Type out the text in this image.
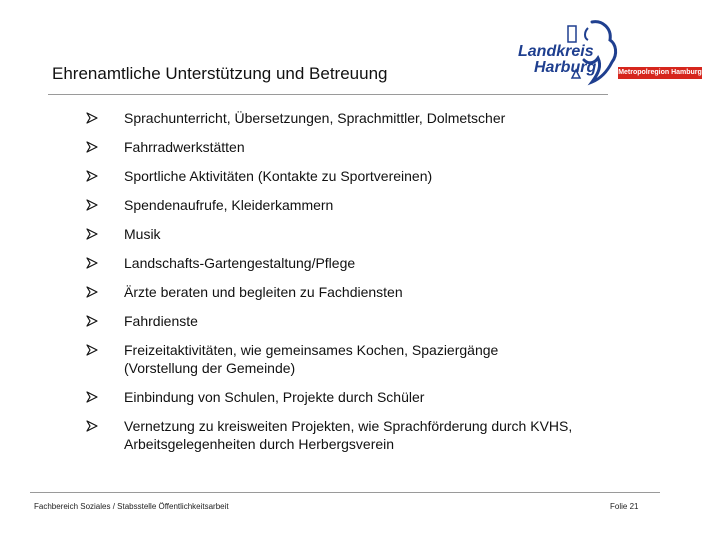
Ehrenamtliche Unterstützung und Betreuung
Landkreis
Harburg	Metropolregion Hamburg
Sprachunterricht, Übersetzungen, Sprachmittler, Dolmetscher
Fahrradwerkstätten
Sportliche Aktivitäten (Kontakte zu Sportvereinen)
Spendenaufrufe, Kleiderkammern
Musik
Landschafts-Gartengestaltung/Pflege
Ärzte beraten und begleiten zu Fachdiensten
Fahrdienste
Freizeitaktivitäten, wie gemeinsames Kochen, Spaziergänge
(Vorstellung der Gemeinde)
Einbindung von Schulen, Projekte durch Schüler
Vernetzung zu kreisweiten Projekten, wie Sprachförderung durch KVHS,
Arbeitsgelegenheiten durch Herbergsverein
Fachbereich Soziales / Stabsstelle Öffentlichkeitsarbeit	Folie 21
